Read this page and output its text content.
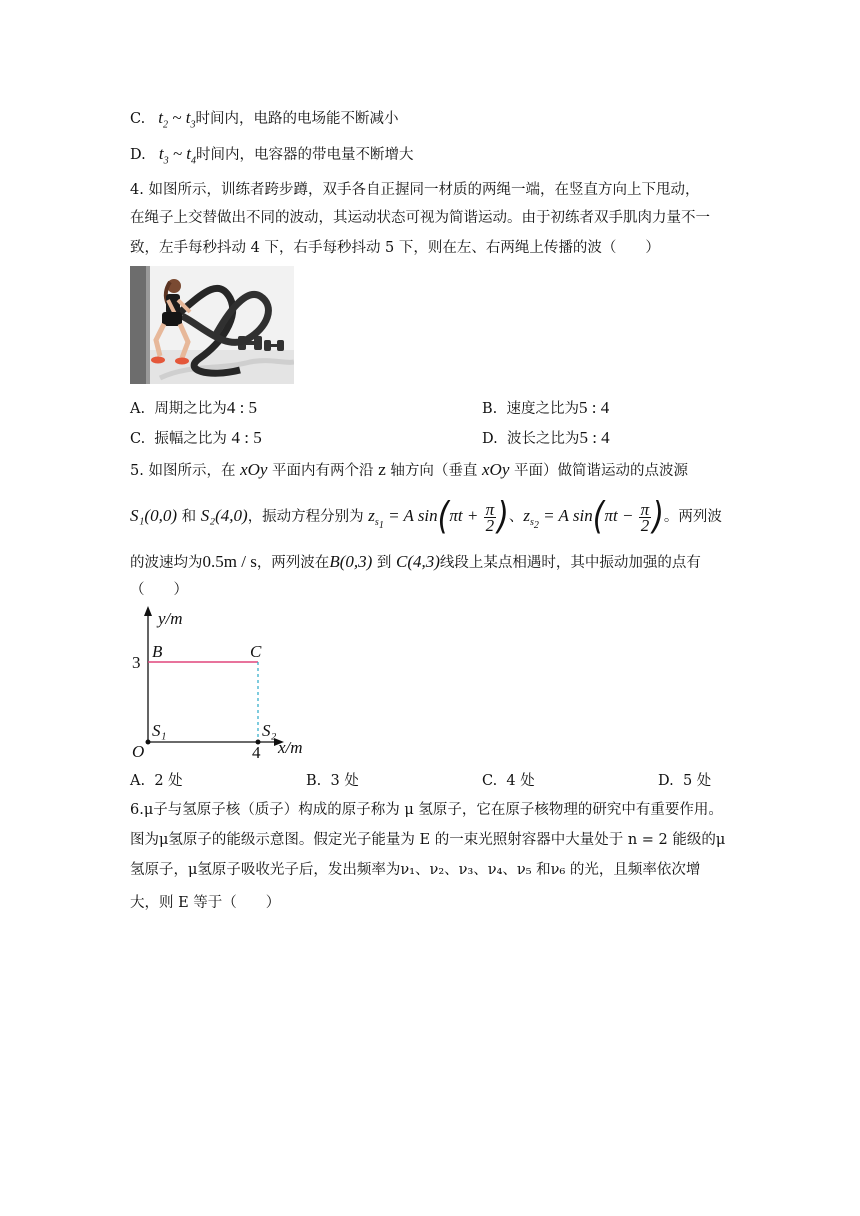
C.   $t_2$ ~ $t_3$时间内，电路的电场能不断减小
D.   $t_3$ ~ $t_4$时间内，电容器的带电量不断增大
4. 如图所示，训练者跨步蹲，双手各自正握同一材质的两绳一端，在竖直方向上下甩动，
在绳子上交替做出不同的波动，其运动状态可视为简谐运动。由于初练者双手肌肉力量不一
致，左手每秒抖动 4 下，右手每秒抖动 5 下，则在左、右两绳上传播的波（　　）
A. 周期之比为4 : 5	B. 速度之比为5 : 4
C. 振幅之比为 4 : 5	D. 波长之比为5 : 4
5. 如图所示，在 xOy 平面内有两个沿 z 轴方向（垂直 xOy 平面）做简谐运动的点波源
S₁(0,0) 和 S₂(4,0)，振动方程分别为 $z_{s_1} = A$ $\sin(\pi t + \frac{\pi}{2}$ )、$z_{s_2} = A$ $\sin(\pi t - \frac{\pi}{2}$ )。两列波
的波速均为0.5m / s，两列波在B(0,3) 到 C(4,3)线段上某点相遇时，其中振动加强的点有
（　　）
y/m
x/m
O
B	C
S₁	S₂
3
4
A. 2 处	B. 3 处	C. 4 处	D. 5 处
6.μ子与氢原子核（质子）构成的原子称为 μ 氢原子，它在原子核物理的研究中有重要作用。
图为μ氢原子的能级示意图。假定光子能量为 E 的一束光照射容器中大量处于 n = 2 能级的μ
氢原子，μ氢原子吸收光子后，发出频率为ν₁、ν₂、ν₃、ν₄、ν₅ 和ν₆ 的光，且频率依次增
大，则 E 等于（　　）
